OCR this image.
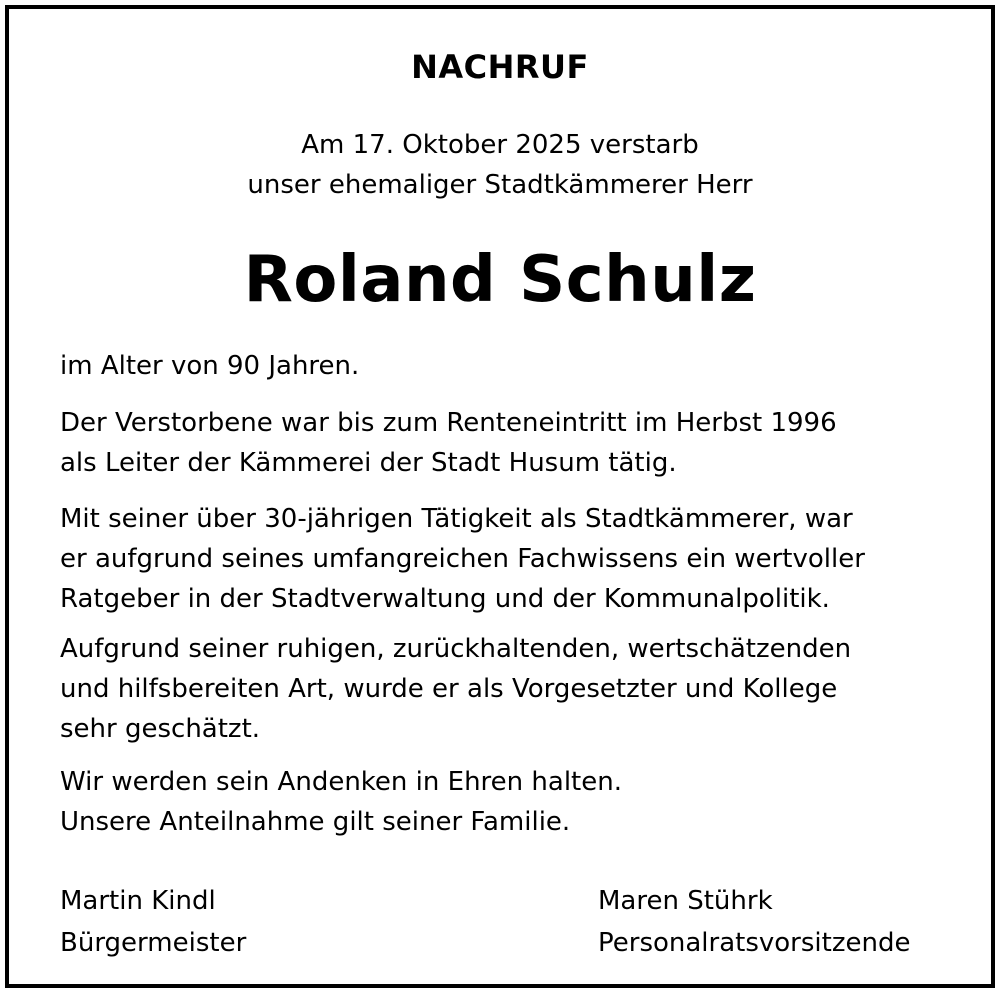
NACHRUF
Am 17. Oktober 2025 verstarb
unser ehemaliger Stadtkämmerer Herr
Roland Schulz
im Alter von 90 Jahren.
Der Verstorbene war bis zum Renteneintritt im Herbst 1996
als Leiter der Kämmerei der Stadt Husum tätig.
Mit seiner über 30-jährigen Tätigkeit als Stadtkämmerer, war
er aufgrund seines umfangreichen Fachwissens ein wertvoller
Ratgeber in der Stadtverwaltung und der Kommunalpolitik.
Aufgrund seiner ruhigen, zurückhaltenden, wertschätzenden
und hilfsbereiten Art, wurde er als Vorgesetzter und Kollege
sehr geschätzt.
Wir werden sein Andenken in Ehren halten.
Unsere Anteilnahme gilt seiner Familie.
Martin Kindl
Bürgermeister
Maren Stührk
Personalratsvorsitzende
